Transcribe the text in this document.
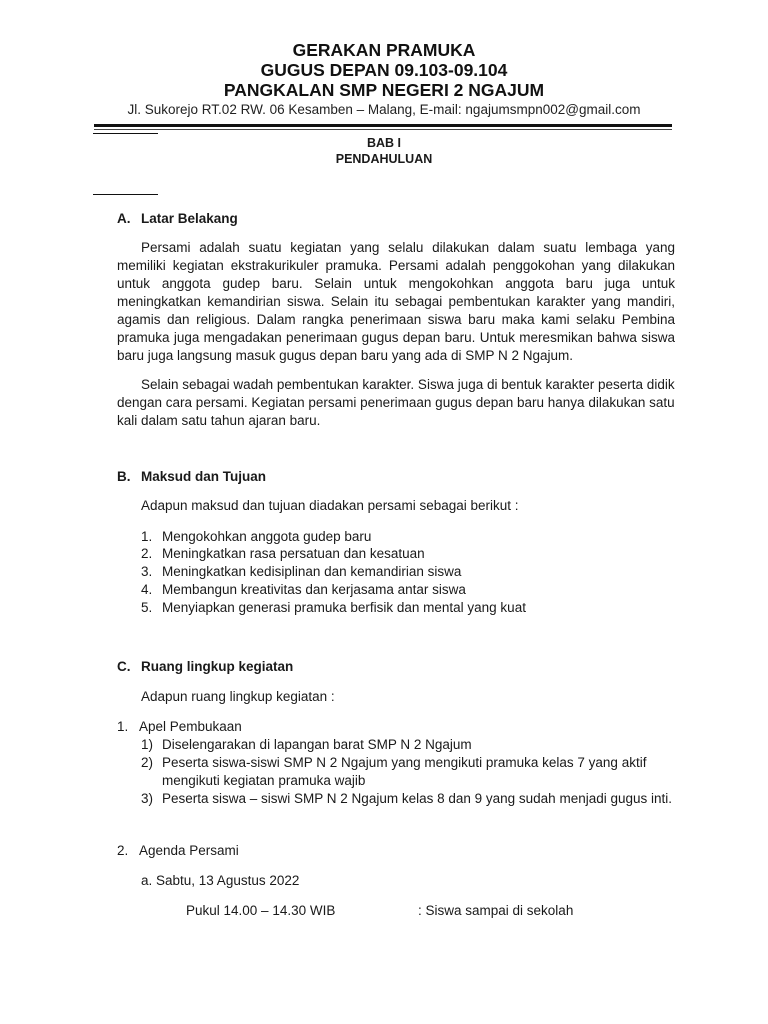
GERAKAN PRAMUKA
GUGUS DEPAN 09.103-09.104
PANGKALAN SMP NEGERI 2 NGAJUM
Jl. Sukorejo RT.02 RW. 06 Kesamben – Malang, E-mail: ngajumsmpn002@gmail.com
BAB I
PENDAHULUAN
A. Latar Belakang
Persami adalah suatu kegiatan yang selalu dilakukan dalam suatu lembaga yang memiliki kegiatan ekstrakurikuler pramuka. Persami adalah penggokohan yang dilakukan untuk anggota gudep baru. Selain untuk mengokohkan anggota baru juga untuk meningkatkan kemandirian siswa. Selain itu sebagai pembentukan karakter yang mandiri, agamis dan religious. Dalam rangka penerimaan siswa baru maka kami selaku Pembina pramuka juga mengadakan penerimaan gugus depan baru. Untuk meresmikan bahwa siswa baru juga langsung masuk gugus depan baru yang ada di SMP N 2 Ngajum.
Selain sebagai wadah pembentukan karakter. Siswa juga di bentuk karakter peserta didik dengan cara persami. Kegiatan persami penerimaan gugus depan baru hanya dilakukan satu kali dalam satu tahun ajaran baru.
B. Maksud dan Tujuan
Adapun maksud dan tujuan diadakan persami sebagai berikut :
1. Mengokohkan anggota gudep baru
2. Meningkatkan rasa persatuan dan kesatuan
3. Meningkatkan kedisiplinan dan kemandirian siswa
4. Membangun kreativitas dan kerjasama antar siswa
5. Menyiapkan generasi pramuka berfisik dan mental yang kuat
C. Ruang lingkup kegiatan
Adapun ruang lingkup kegiatan :
1. Apel Pembukaan
1) Diselengarakan di lapangan barat SMP N 2 Ngajum
2) Peserta siswa-siswi SMP N 2 Ngajum yang mengikuti pramuka kelas 7 yang aktif mengikuti kegiatan pramuka wajib
3) Peserta siswa – siswi SMP N 2 Ngajum kelas 8 dan 9 yang sudah menjadi gugus inti.
2. Agenda Persami
a. Sabtu, 13 Agustus 2022
Pukul 14.00 – 14.30 WIB	: Siswa sampai di sekolah
